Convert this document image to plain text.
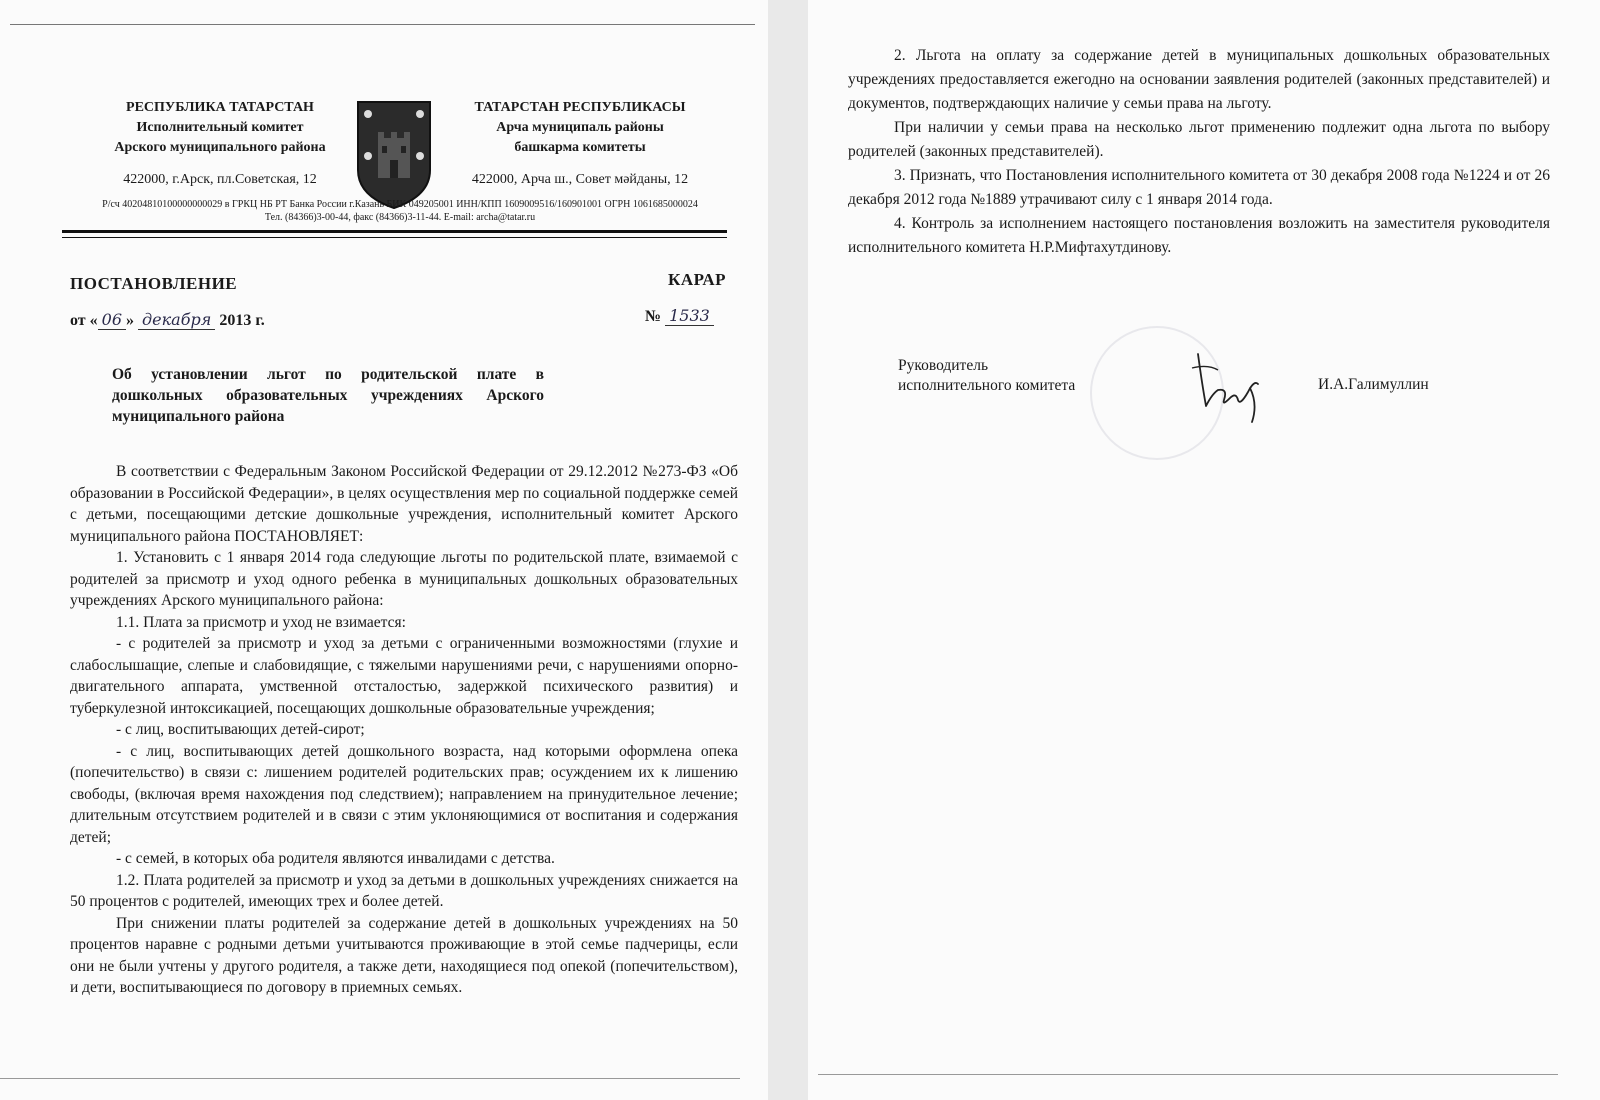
РЕСПУБЛИКА ТАТАРСТАН
Исполнительный комитет
Арского муниципального района
422000, г.Арск, пл.Советская, 12
ТАТАРСТАН РЕСПУБЛИКАСЫ
Арча муниципаль районы
башкарма комитеты
422000, Арча ш., Совет мәйданы, 12
Р/сч 40204810100000000029 в ГРКЦ НБ РТ Банка России г.Казань БИК 049205001 ИНН/КПП 1609009516/160901001 ОГРН 1061685000024
Тел. (84366)3-00-44, факс (84366)3-11-44. E-mail: archa@tatar.ru
ПОСТАНОВЛЕНИЕ	КАРАР
от « 06 » декабря 2013 г.	№ 1533
Об установлении льгот по родительской плате в дошкольных образовательных учреждениях Арского муниципального района

В соответствии с Федеральным Законом Российской Федерации от 29.12.2012 №273-ФЗ «Об образовании в Российской Федерации», в целях осуществления мер по социальной поддержке семей с детьми, посещающими детские дошкольные учреждения, исполнительный комитет Арского муниципального района ПОСТАНОВЛЯЕТ:

1. Установить с 1 января 2014 года следующие льготы по родительской плате, взимаемой с родителей за присмотр и уход одного ребенка в муниципальных дошкольных образовательных учреждениях Арского муниципального района:

1.1. Плата за присмотр и уход не взимается:

- с родителей за присмотр и уход за детьми с ограниченными возможностями (глухие и слабослышащие, слепые и слабовидящие, с тяжелыми нарушениями речи, с нарушениями опорно-двигательного аппарата, умственной отсталостью, задержкой психического развития) и туберкулезной интоксикацией, посещающих дошкольные образовательные учреждения;

- с лиц, воспитывающих детей-сирот;

- с лиц, воспитывающих детей дошкольного возраста, над которыми оформлена опека (попечительство) в связи с: лишением родителей родительских прав; осуждением их к лишению свободы, (включая время нахождения под следствием); направлением на принудительное лечение; длительным отсутствием родителей и в связи с этим уклоняющимися от воспитания и содержания детей;

- с семей, в которых оба родителя являются инвалидами с детства.

1.2. Плата родителей за присмотр и уход за детьми в дошкольных учреждениях снижается на 50 процентов с родителей, имеющих трех и более детей.

При снижении платы родителей за содержание детей в дошкольных учреждениях на 50 процентов наравне с родными детьми учитываются проживающие в этой семье падчерицы, если они не были учтены у другого родителя, а также дети, находящиеся под опекой (попечительством), и дети, воспитывающиеся по договору в приемных семьях.

2. Льгота на оплату за содержание детей в муниципальных дошкольных образовательных учреждениях предоставляется ежегодно на основании заявления родителей (законных представителей) и документов, подтверждающих наличие у семьи права на льготу.

При наличии у семьи права на несколько льгот применению подлежит одна льгота по выбору родителей (законных представителей).

3. Признать, что Постановления исполнительного комитета от 30 декабря 2008 года №1224 и от 26 декабря 2012 года №1889 утрачивают силу с 1 января 2014 года.

4. Контроль за исполнением настоящего постановления возложить на заместителя руководителя исполнительного комитета Н.Р.Мифтахутдинову.

Руководитель
исполнительного комитета	И.А.Галимуллин
